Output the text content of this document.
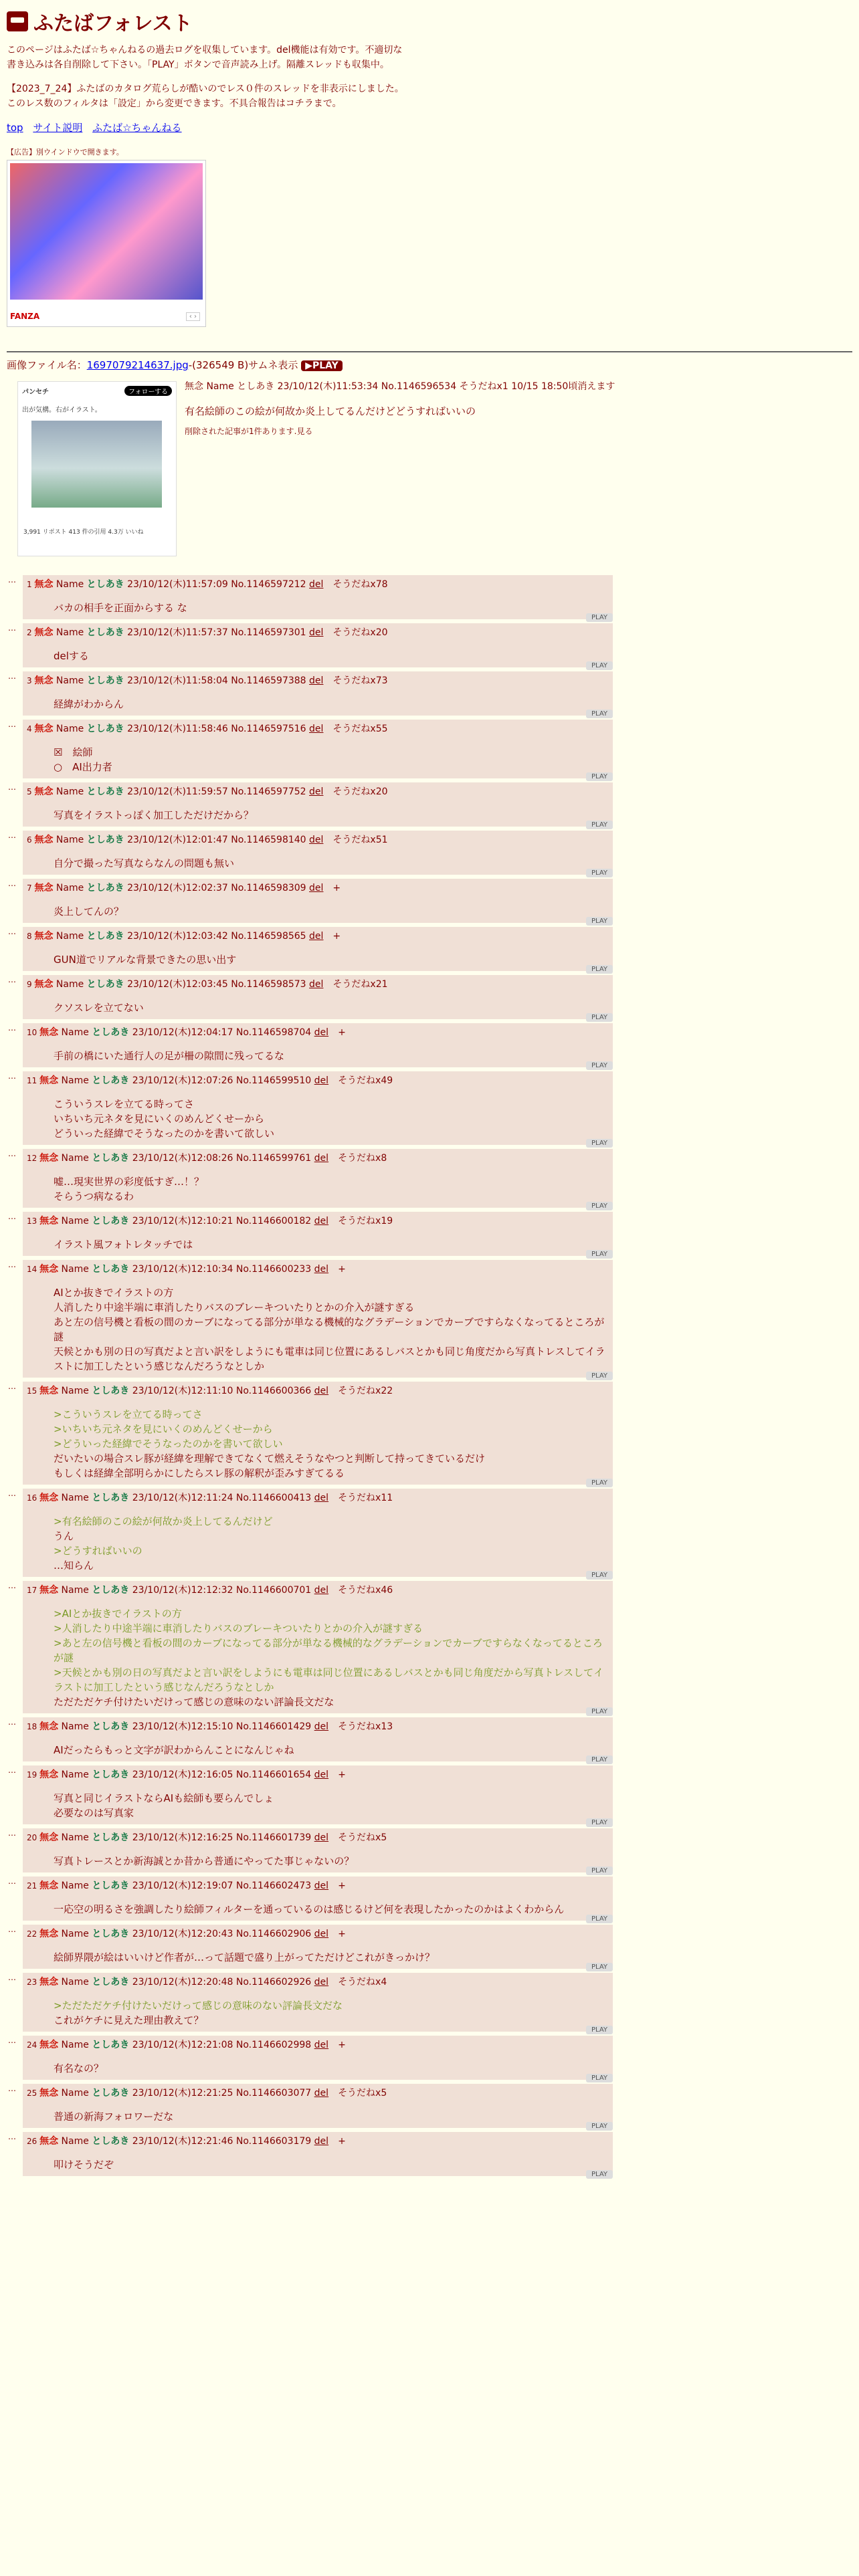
ふたばフォレスト

このページはふたば☆ちゃんねるの過去ログを収集しています。del機能は有効です。不適切な書き込みは各自削除して下さい。「PLAY」ボタンで音声読み上げ。隔離スレッドも収集中。

【2023_7_24】ふたばのカタログ荒らしが酷いのでレス０件のスレッドを非表示にしました。このレス数のフィルタは「設定」から変更できます。不具合報告はコチラまで。

top サイト説明 ふたば☆ちゃんねる
【広告】別ウインドウで開きます。
FANZA	‹ ›
画像ファイル名：1697079214637.jpg-(326549 B)サムネ表示 ▶PLAY
パンセチ	フォローする
出が気構。右がイラスト。
3,991 リポスト 413 件の引用 4.3万 いいね
無念 Name としあき 23/10/12(木)11:53:34 No.1146596534 そうだねx1 10/15 18:50頃消えます
有名絵師のこの絵が何故か炎上してるんだけどどうすればいいの
削除された記事が1件あります.見る
… 1 無念 Name としあき 23/10/12(木)11:57:09 No.1146597212 del　 そうだねx78
バカの相手を正面からする な
PLAY
… 2 無念 Name としあき 23/10/12(木)11:57:37 No.1146597301 del　 そうだねx20
delする
PLAY
… 3 無念 Name としあき 23/10/12(木)11:58:04 No.1146597388 del　 そうだねx73
経緯がわからん
PLAY
… 4 無念 Name としあき 23/10/12(木)11:58:46 No.1146597516 del　 そうだねx55
☒　絵師
○　AI出力者
PLAY
… 5 無念 Name としあき 23/10/12(木)11:59:57 No.1146597752 del　 そうだねx20
写真をイラストっぽく加工しただけだから？
PLAY
… 6 無念 Name としあき 23/10/12(木)12:01:47 No.1146598140 del　 そうだねx51
自分で撮った写真ならなんの問題も無い
PLAY
… 7 無念 Name としあき 23/10/12(木)12:02:37 No.1146598309 del　 +
炎上してんの？
PLAY
… 8 無念 Name としあき 23/10/12(木)12:03:42 No.1146598565 del　 +
GUN道でリアルな背景できたの思い出す
PLAY
… 9 無念 Name としあき 23/10/12(木)12:03:45 No.1146598573 del　 そうだねx21
クソスレを立てない
PLAY
… 10 無念 Name としあき 23/10/12(木)12:04:17 No.1146598704 del　 +
手前の橋にいた通行人の足が柵の隙間に残ってるな
PLAY
… 11 無念 Name としあき 23/10/12(木)12:07:26 No.1146599510 del　 そうだねx49
こういうスレを立てる時ってさ
いちいち元ネタを見にいくのめんどくせーから
どういった経緯でそうなったのかを書いて欲しい
PLAY
… 12 無念 Name としあき 23/10/12(木)12:08:26 No.1146599761 del　 そうだねx8
嘘…現実世界の彩度低すぎ…！？
そらうつ病なるわ
PLAY
… 13 無念 Name としあき 23/10/12(木)12:10:21 No.1146600182 del　 そうだねx19
イラスト風フォトレタッチでは
PLAY
… 14 無念 Name としあき 23/10/12(木)12:10:34 No.1146600233 del　 +
AIとか抜きでイラストの方
人消したり中途半端に車消したりバスのブレーキついたりとかの介入が謎すぎる
あと左の信号機と看板の間のカーブになってる部分が単なる機械的なグラデーションでカーブですらなくなってるところが謎
天候とかも別の日の写真だよと言い訳をしようにも電車は同じ位置にあるしバスとかも同じ角度だから写真トレスしてイラストに加工したという感じなんだろうなとしか
PLAY
… 15 無念 Name としあき 23/10/12(木)12:11:10 No.1146600366 del　 そうだねx22
>こういうスレを立てる時ってさ
>いちいち元ネタを見にいくのめんどくせーから
>どういった経緯でそうなったのかを書いて欲しい
だいたいの場合スレ豚が経緯を理解できてなくて燃えそうなやつと判断して持ってきているだけ
もしくは経緯全部明らかにしたらスレ豚の解釈が歪みすぎてるる
PLAY
… 16 無念 Name としあき 23/10/12(木)12:11:24 No.1146600413 del　 そうだねx11
>有名絵師のこの絵が何故か炎上してるんだけど
うん
>どうすればいいの
…知らん
PLAY
… 17 無念 Name としあき 23/10/12(木)12:12:32 No.1146600701 del　 そうだねx46
>AIとか抜きでイラストの方
>人消したり中途半端に車消したりバスのブレーキついたりとかの介入が謎すぎる
>あと左の信号機と看板の間のカーブになってる部分が単なる機械的なグラデーションでカーブですらなくなってるところが謎
>天候とかも別の日の写真だよと言い訳をしようにも電車は同じ位置にあるしバスとかも同じ角度だから写真トレスしてイラストに加工したという感じなんだろうなとしか
ただただケチ付けたいだけって感じの意味のない評論長文だな
PLAY
… 18 無念 Name としあき 23/10/12(木)12:15:10 No.1146601429 del　 そうだねx13
AIだったらもっと文字が訳わからんことになんじゃね
PLAY
… 19 無念 Name としあき 23/10/12(木)12:16:05 No.1146601654 del　 +
写真と同じイラストならAIも絵師も要らんでしょ
必要なのは写真家
PLAY
… 20 無念 Name としあき 23/10/12(木)12:16:25 No.1146601739 del　 そうだねx5
写真トレースとか新海誠とか昔から普通にやってた事じゃないの？
PLAY
… 21 無念 Name としあき 23/10/12(木)12:19:07 No.1146602473 del　 +
一応空の明るさを強調したり絵師フィルターを通っているのは感じるけど何を表現したかったのかはよくわからん
PLAY
… 22 無念 Name としあき 23/10/12(木)12:20:43 No.1146602906 del　 +
絵師界隈が絵はいいけど作者が…って話題で盛り上がってただけどこれがきっかけ？
PLAY
… 23 無念 Name としあき 23/10/12(木)12:20:48 No.1146602926 del　 そうだねx4
>ただただケチ付けたいだけって感じの意味のない評論長文だな
これがケチに見えた理由教えて？
PLAY
… 24 無念 Name としあき 23/10/12(木)12:21:08 No.1146602998 del　 +
有名なの？
PLAY
… 25 無念 Name としあき 23/10/12(木)12:21:25 No.1146603077 del　 そうだねx5
普通の新海フォロワーだな
PLAY
… 26 無念 Name としあき 23/10/12(木)12:21:46 No.1146603179 del　 +
叩けそうだぞ
PLAY
